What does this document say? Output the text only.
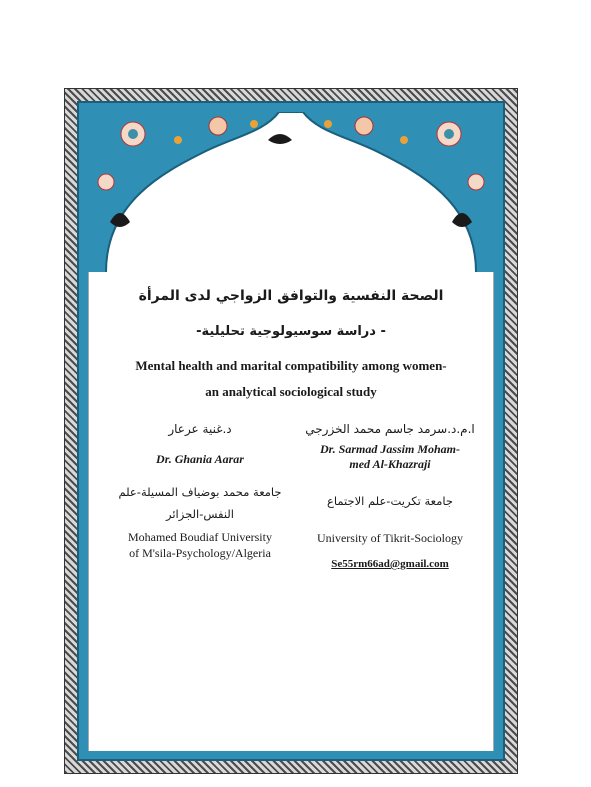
الصحة النفسية والتوافق الزواجي لدى المرأة
- دراسة سوسيولوجية تحليلية-
Mental health and marital compatibility among women-
an analytical sociological study
ا.م.د.سرمد جاسم محمد الخزرجي
Dr. Sarmad Jassim Moham-
med Al-Khazraji
جامعة تكريت-علم الاجتماع
University of Tikrit-Sociology
Se55rm66ad@gmail.com
د.غنية عرعار
Dr. Ghania Aarar
جامعة محمد بوضياف المسيلة-علم
النفس-الجزائر
Mohamed Boudiaf University
of M'sila-Psychology/Algeria
